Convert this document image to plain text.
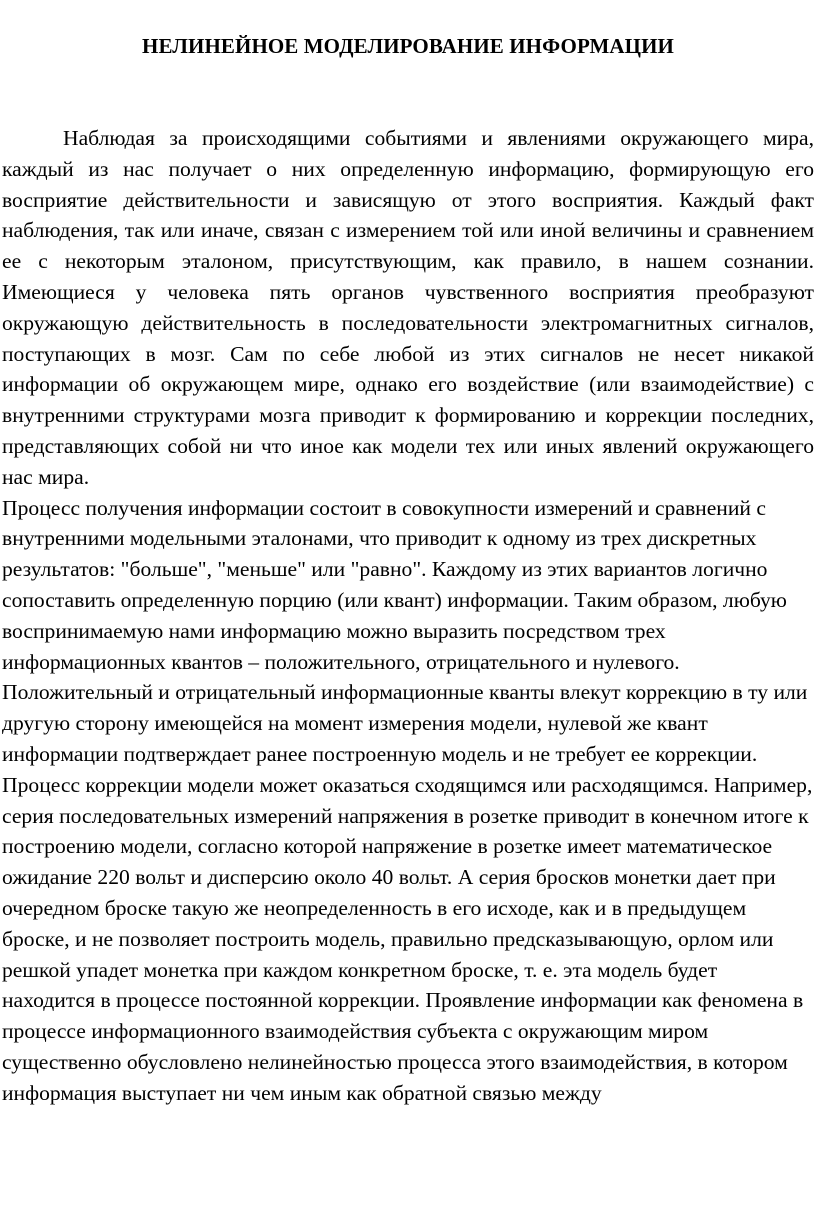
НЕЛИНЕЙНОЕ МОДЕЛИРОВАНИЕ ИНФОРМАЦИИ

Наблюдая за происходящими событиями и явлениями окружающего мира, каждый из нас получает о них определенную информацию, формирующую его восприятие действительности и зависящую от этого восприятия. Каждый факт наблюдения, так или иначе, связан с измерением той или иной величины и сравнением ее с некоторым эталоном, присутствующим, как правило, в нашем сознании. Имеющиеся у человека пять органов чувственного восприятия преобразуют окружающую действительность в последовательности электромагнитных сигналов, поступающих в мозг. Сам по себе любой из этих сигналов не несет никакой информации об окружающем мире, однако его воздействие (или взаимодействие) с внутренними структурами мозга приводит к формированию и коррекции последних, представляющих собой ни что иное как модели тех или иных явлений окружающего нас мира.

Процесс получения информации состоит в совокупности измерений и сравнений с внутренними модельными эталонами, что приводит к одному из трех дискретных результатов: "больше", "меньше" или "равно". Каждому из этих вариантов логично сопоставить определенную порцию (или квант) информации. Таким образом, любую воспринимаемую нами информацию можно выразить посредством трех информационных квантов – положительного, отрицательного и нулевого. Положительный и отрицательный информационные кванты влекут коррекцию в ту или другую сторону имеющейся на момент измерения модели, нулевой же квант информации подтверждает ранее построенную модель и не требует ее коррекции. Процесс коррекции модели может оказаться сходящимся или расходящимся. Например, серия последовательных измерений напряжения в розетке приводит в конечном итоге к построению модели, согласно которой напряжение в розетке имеет математическое ожидание 220 вольт и дисперсию около 40 вольт. А серия бросков монетки дает при очередном броске такую же неопределенность в его исходе, как и в предыдущем броске, и не позволяет построить модель, правильно предсказывающую, орлом или решкой упадет монетка при каждом конкретном броске, т. е. эта модель будет находится в процессе постоянной коррекции. Проявление информации как феномена в процессе информационного взаимодействия субъекта с окружающим миром существенно обусловлено нелинейностью процесса этого взаимодействия, в котором информация выступает ни чем иным как обратной связью между
